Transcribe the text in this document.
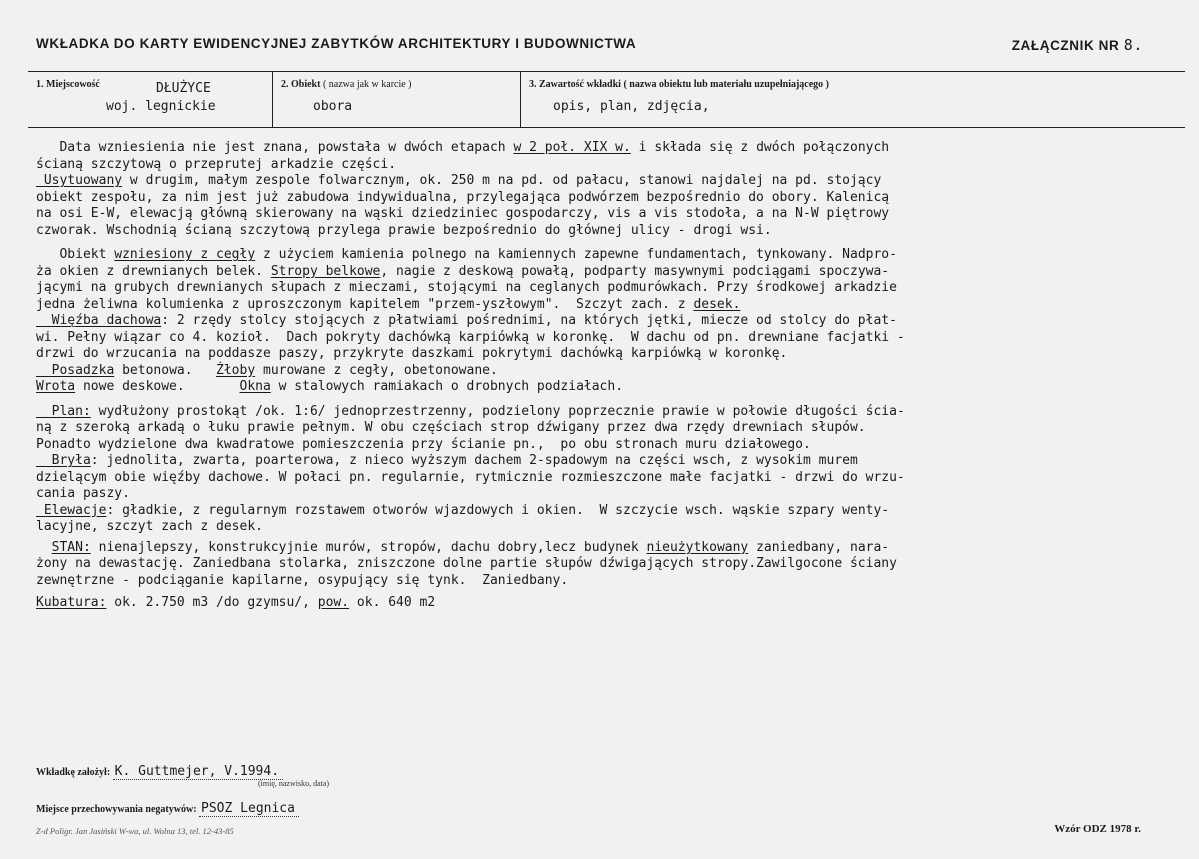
WKŁADKA DO KARTY EWIDENCYJNEJ ZABYTKÓW ARCHITEKTURY I BUDOWNICTWA	ZAŁĄCZNIK NR 8.
1. Miejscowość	DŁUŻYCE
woj. legnickie
2. Obiekt ( nazwa jak w karcie )
obora
3. Zawartość wkładki ( nazwa obiektu lub materiału uzupełniającego )
opis, plan, zdjęcia,
Data wzniesienia nie jest znana, powstała w dwóch etapach w 2 poł. XIX w. i składa się z dwóch połączonych
ścianą szczytową o przeprutej arkadzie części.
Usytuowany w drugim, małym zespole folwarcznym, ok. 250 m na pd. od pałacu, stanowi najdalej na pd. stojący
obiekt zespołu, za nim jest już zabudowa indywidualna, przylegająca podwórzem bezpośrednio do obory. Kalenicą
na osi E-W, elewacją główną skierowany na wąski dziedziniec gospodarczy, vis a vis stodoła, a na N-W piętrowy
czworak. Wschodnią ścianą szczytową przylega prawie bezpośrednio do głównej ulicy - drogi wsi.
Obiekt wzniesiony z cegły z użyciem kamienia polnego na kamiennych zapewne fundamentach, tynkowany. Nadpro-
ża okien z drewnianych belek. Stropy belkowe, nagie z deskową powałą, podparty masywnymi podciągami spoczywa-
jącymi na grubych drewnianych słupach z mieczami, stojącymi na ceglanych podmurówkach. Przy środkowej arkadzie
jedna żeliwna kolumienka z uproszczonym kapitelem "przem-yszłowym".  Szczyt zach. z desek.
Więźba dachowa: 2 rzędy stolcy stojących z płatwiami pośrednimi, na których jętki, miecze od stolcy do płat-
wi. Pełny wiązar co 4. kozioł.  Dach pokryty dachówką karpiówką w koronkę.  W dachu od pn. drewniane facjatki -
drzwi do wrzucania na poddasze paszy, przykryte daszkami pokrytymi dachówką karpiówką w koronkę.
Posadzka betonowa.   Żłoby murowane z cegły, obetonowane.
Wrota nowe deskowe.       Okna w stalowych ramiakach o drobnych podziałach.
Plan: wydłużony prostokąt /ok. 1:6/ jednoprzestrzenny, podzielony poprzecznie prawie w połowie długości ścia-
ną z szeroką arkadą o łuku prawie pełnym. W obu częściach strop dźwigany przez dwa rzędy drewniach słupów.
Ponadto wydzielone dwa kwadratowe pomieszczenia przy ścianie pn.,  po obu stronach muru działowego.
Bryła: jednolita, zwarta, poarterowa, z nieco wyższym dachem 2-spadowym na części wsch, z wysokim murem
dzielącym obie więźby dachowe. W połaci pn. regularnie, rytmicznie rozmieszczone małe facjatki - drzwi do wrzu-
cania paszy.
Elewacje: gładkie, z regularnym rozstawem otworów wjazdowych i okien.  W szczycie wsch. wąskie szpary wenty-
lacyjne, szczyt zach z desek.
STAN: nienajlepszy, konstrukcyjnie murów, stropów, dachu dobry,lecz budynek nieużytkowany zaniedbany, nara-
żony na dewastację. Zaniedbana stolarka, zniszczone dolne partie słupów dźwigających stropy.Zawilgocone ściany
zewnętrzne - podciąganie kapilarne, osypujący się tynk.  Zaniedbany.
Kubatura: ok. 2.750 m3 /do gzymsu/, pow. ok. 640 m2
Wkładkę założył: K. Guttmejer, V.1994.
(imię, nazwisko, data)
Miejsce przechowywania negatywów: PSOZ Legnica
Z-d Poligr. Jan Jasiński W-wa, ul. Wolna 13, tel. 12-43-85	Wzór ODZ 1978 r.
